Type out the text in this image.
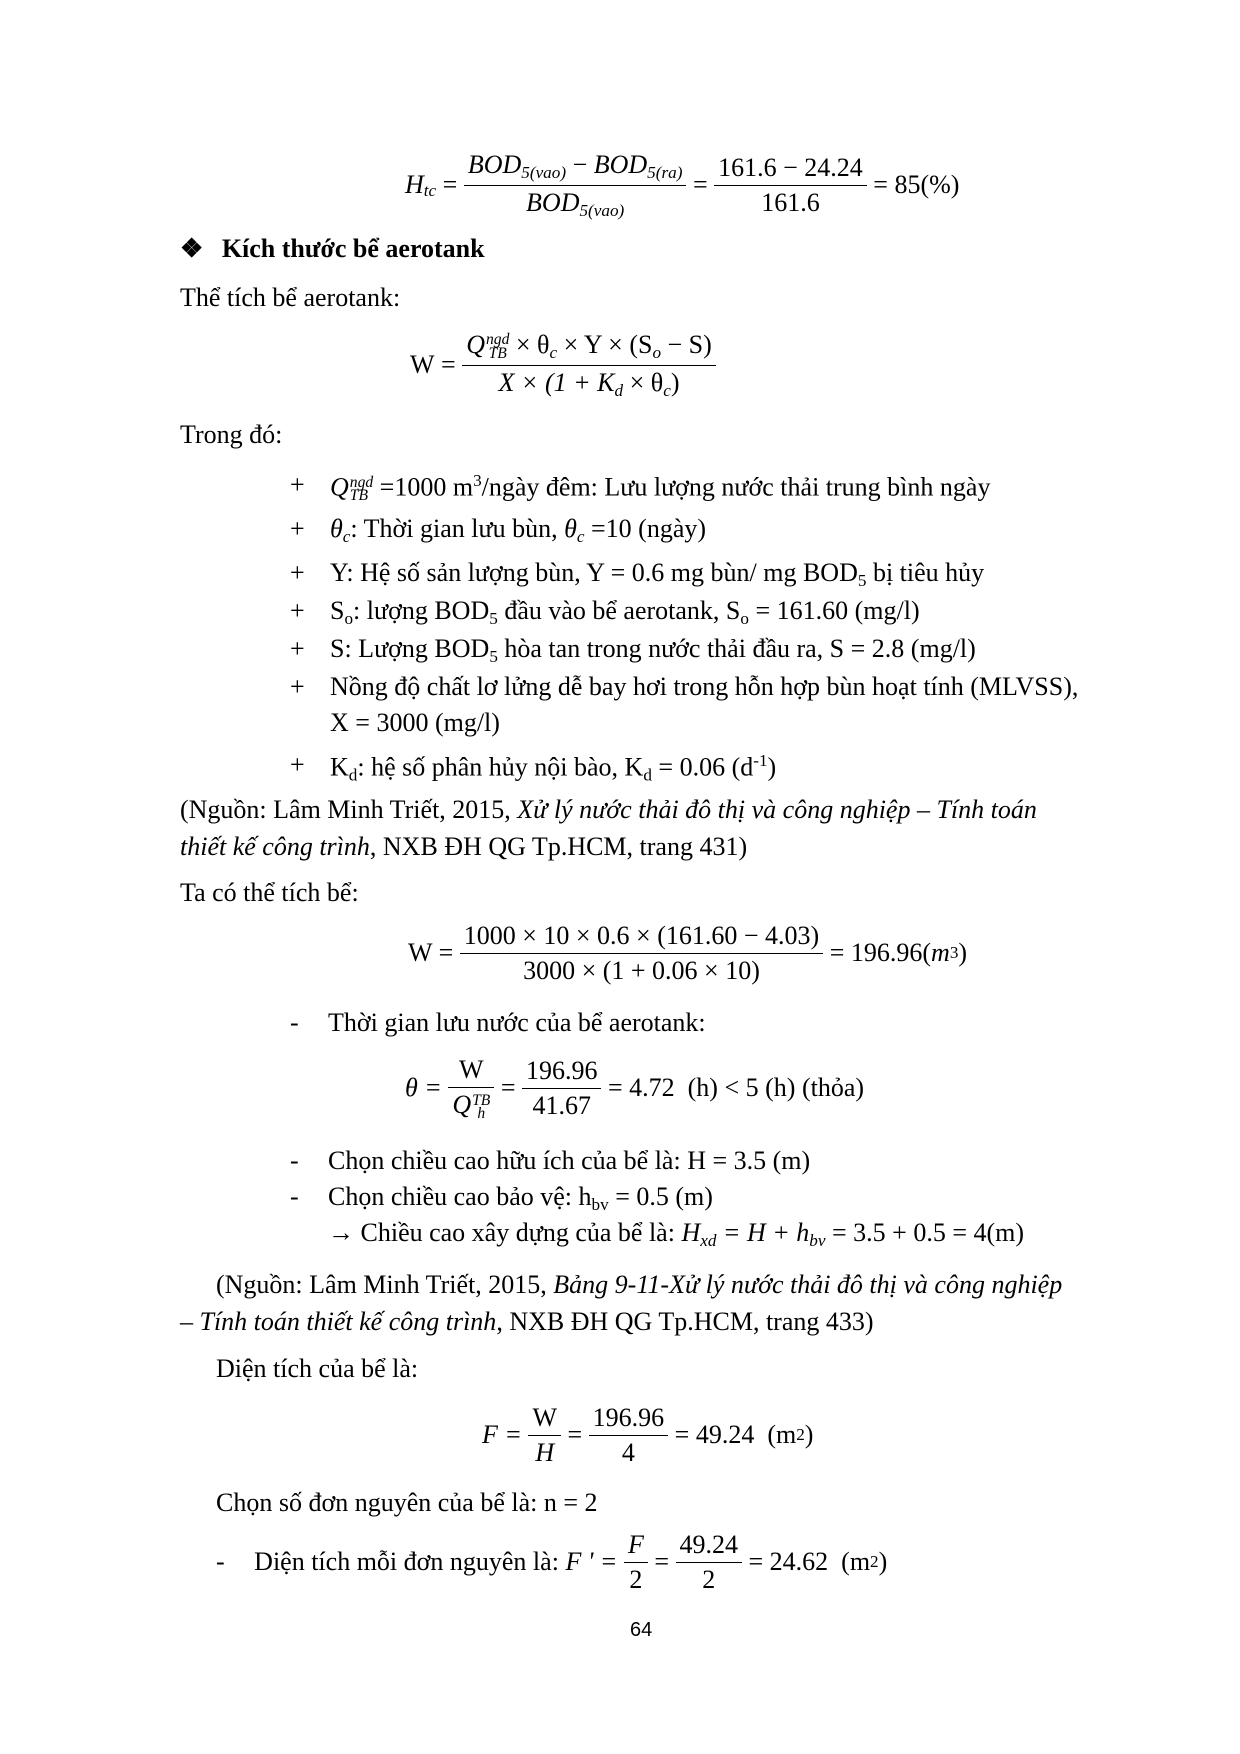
H tc = $\frac{BOD_{5(vao)} - BOD_{5(ra)}}{BOD_{5(vao)}} = \frac{161.6 - 24.24}{161.6}$
= 85(%)
❖ Kích thước bể aerotank
Thể tích bể aerotank:
W = Q ngd
TB × $\theta_c \times Y \times (S_o - S)$
$X \times (1 + K_d \times \theta_c)$
Trong đó:
+ Q ngd
TB =1000 $m^3$/ngày đêm: Lưu lượng nước thải trung bình ngày
+ $\theta_c$: Thời gian lưu bùn, $\theta_c =10$ (ngày)
+ Y: Hệ số sản lượng bùn, Y = 0.6 mg bùn/ mg $BOD_5$ bị tiêu hủy
+ $S_o$: lượng $BOD_5$ đầu vào bể aerotank, $S_o = 161.60$ (mg/l)
+ S: Lượng $BOD_5$ hòa tan trong nước thải đầu ra, S = 2.8 (mg/l)
+ Nồng độ chất lơ lửng dễ bay hơi trong hỗn hợp bùn hoạt tính (MLVSS),
X = 3000 (mg/l)
+ $K_d$: hệ số phân hủy nội bào, $K_d = 0.06$ $(d^{-1})$
(Nguồn: Lâm Minh Triết, 2015, Xử lý nước thải đô thị và công nghiệp – Tính toán
thiết kế công trình, NXB ĐH QG Tp.HCM, trang 431)
Ta có thể tích bể:
W =
$\frac{1000 \times 10 \times 0.6 \times (161.60 - 4.03)}{3000 \times (1 + 0.06 \times 10)}$
= 196.96( m 3 )
- Thời gian lưu nước của bể aerotank:
θ =
W
Q TB
$h = \frac{196.96}{41.67}$
= 4.72  (h) < 5 (h) (thỏa)
- Chọn chiều cao hữu ích của bể là: H = 3.5 (m)
- Chọn chiều cao bảo vệ: $h_{bv} = 0.5$ (m)
→ Chiều cao xây dựng của bể là: $H_{xd} = H + h_{bv} = 3.5 + 0.5 = 4(m)$
(Nguồn: Lâm Minh Triết, 2015, Bảng 9-11-Xử lý nước thải đô thị và công nghiệp
– Tính toán thiết kế công trình, NXB ĐH QG Tp.HCM, trang 433)
Diện tích của bể là:
F =
$\frac{W}{H} = \frac{196.96}{4}$
= 49.24  (m 2 )
Chọn số đơn nguyên của bể là: n = 2
-
Diện tích mỗi đơn nguyên là: F ' =
$\frac{F}{2} = \frac{49.24}{2}$
= 24.62  (m 2 )
64
